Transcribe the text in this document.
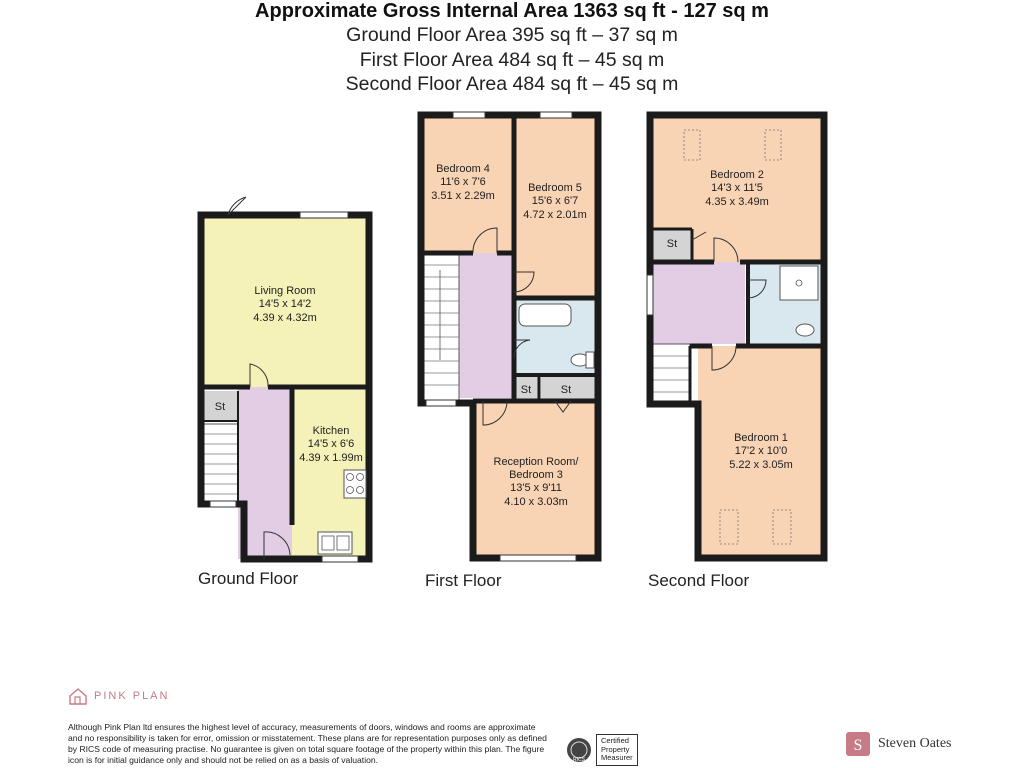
Approximate Gross Internal Area 1363 sq ft - 127 sq m
Ground Floor Area 395 sq ft – 37 sq m
First Floor Area 484 sq ft – 45 sq m
Second Floor Area 484 sq ft – 45 sq m
Living Room
14'5 x 14'2
4.39 x 4.32m
Kitchen
14'5 x 6'6
4.39 x 1.99m
St
Ground Floor
Bedroom 4
11'6 x 7'6
3.51 x 2.29m
Bedroom 5
15'6 x 6'7
4.72 x 2.01m
Reception Room/
Bedroom 3
13'5 x 9'11
4.10 x 3.03m
St	St
First Floor
Bedroom 2
14'3 x 11'5
4.35 x 3.49m
Bedroom 1
17'2 x 10'0
5.22 x 3.05m
St
Second Floor
PINK PLAN
Although Pink Plan ltd ensures the highest level of accuracy, measurements of doors, windows and rooms are approximate and no responsibility is taken for error, omission or misstatement. These plans are for representation purposes only as defined by RICS code of measuring practise. No guarantee is given on total square footage of the property within this plan. The figure icon is for initial guidance only and should not be relied on as a basis of valuation.	RICS
Certified
Property
Measurer
S Steven Oates
